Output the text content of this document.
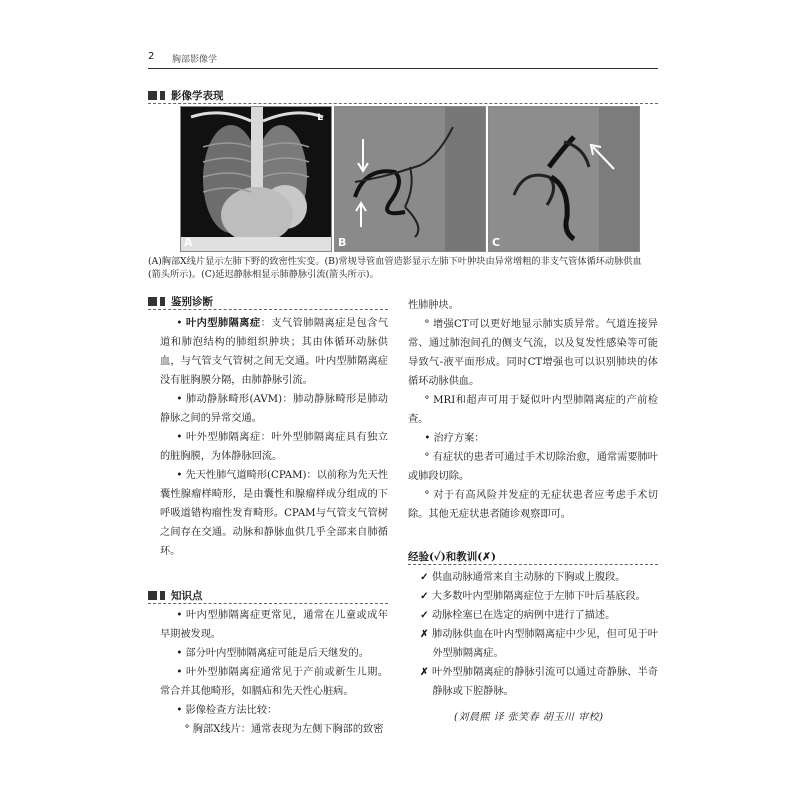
2 胸部影像学
影像学表现
A
L
B	C
(A)胸部X线片显示左肺下野的致密性实变。(B)常规导管血管造影显示左肺下叶肿块由异常增粗的非支气管体循环动脉供血
(箭头所示)。(C)延迟静脉相显示肺静脉引流(箭头所示)。
鉴别诊断

• 叶内型肺隔离症：支气管肺隔离症是包含气道和肺泡结构的肺组织肿块；其由体循环动脉供血，与气管支气管树之间无交通。叶内型肺隔离症没有脏胸膜分隔，由肺静脉引流。

• 肺动静脉畸形(AVM)：肺动静脉畸形是肺动静脉之间的异常交通。

• 叶外型肺隔离症：叶外型肺隔离症具有独立的脏胸膜，为体静脉回流。

• 先天性肺气道畸形(CPAM)：以前称为先天性囊性腺瘤样畸形，是由囊性和腺瘤样成分组成的下呼吸道错构瘤性发育畸形。CPAM与气管支气管树之间存在交通。动脉和静脉血供几乎全部来自肺循环。

知识点

• 叶内型肺隔离症更常见，通常在儿童或成年早期被发现。

• 部分叶内型肺隔离症可能是后天继发的。

• 叶外型肺隔离症通常见于产前或新生儿期。常合并其他畸形，如膈疝和先天性心脏病。

• 影像检查方法比较：

° 胸部X线片：通常表现为左侧下胸部的致密

性肺肿块。

° 增强CT可以更好地显示肺实质异常。气道连接异常、通过肺泡间孔的侧支气流，以及复发性感染等可能导致气-液平面形成。同时CT增强也可以识别肺块的体循环动脉供血。

° MRI和超声可用于疑似叶内型肺隔离症的产前检查。

• 治疗方案：

° 有症状的患者可通过手术切除治愈，通常需要肺叶或肺段切除。

° 对于有高风险并发症的无症状患者应考虑手术切除。其他无症状患者随诊观察即可。

经验(✓)和教训(✗)

✓ 供血动脉通常来自主动脉的下胸或上腹段。

✓ 大多数叶内型肺隔离症位于左肺下叶后基底段。

✓ 动脉栓塞已在选定的病例中进行了描述。

✗ 肺动脉供血在叶内型肺隔离症中少见，但可见于叶外型肺隔离症。

✗ 叶外型肺隔离症的静脉引流可以通过奇静脉、半奇静脉或下腔静脉。

(刘晨熙 译 张笑春 胡玉川 审校)
